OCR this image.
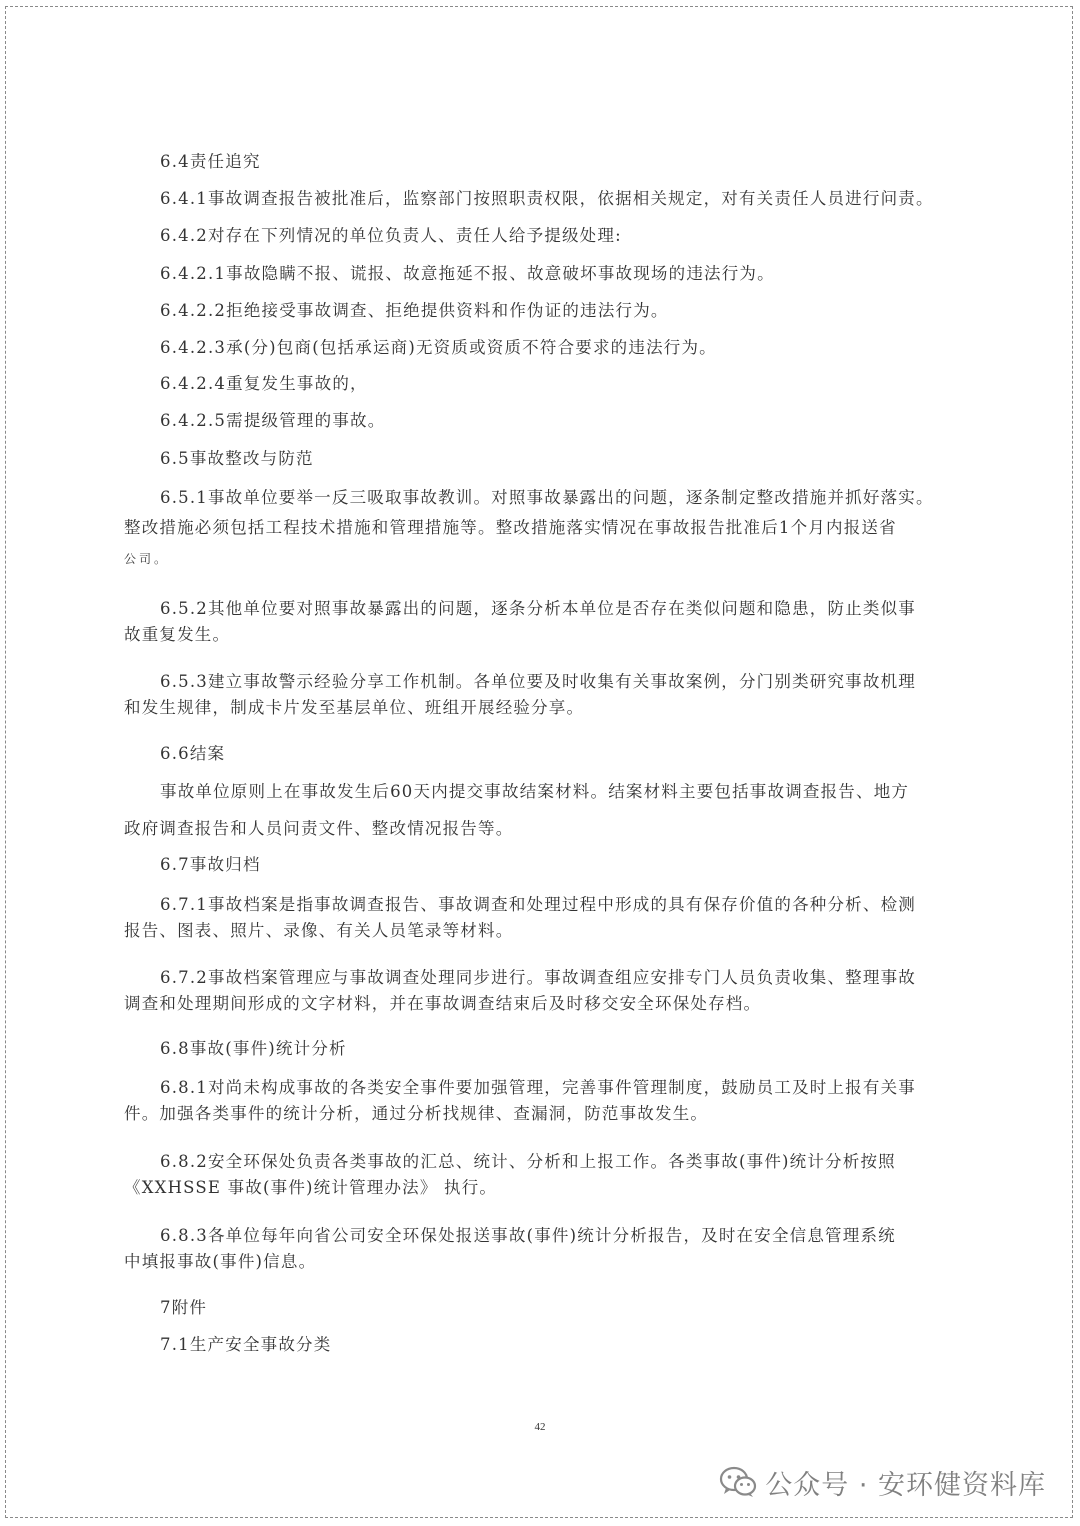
6.4责任追究
6.4.1事故调查报告被批准后，监察部门按照职责权限，依据相关规定，对有关责任人员进行问责。
6.4.2对存在下列情况的单位负责人、责任人给予提级处理:
6.4.2.1事故隐瞒不报、谎报、故意拖延不报、故意破坏事故现场的违法行为。
6.4.2.2拒绝接受事故调查、拒绝提供资料和作伪证的违法行为。
6.4.2.3承(分)包商(包括承运商)无资质或资质不符合要求的违法行为。
6.4.2.4重复发生事故的，
6.4.2.5需提级管理的事故。
6.5事故整改与防范
6.5.1事故单位要举一反三吸取事故教训。对照事故暴露出的问题，逐条制定整改措施并抓好落实。
整改措施必须包括工程技术措施和管理措施等。整改措施落实情况在事故报告批准后1个月内报送省
公司。
6.5.2其他单位要对照事故暴露出的问题，逐条分析本单位是否存在类似问题和隐患，防止类似事
故重复发生。
6.5.3建立事故警示经验分享工作机制。各单位要及时收集有关事故案例，分门别类研究事故机理
和发生规律，制成卡片发至基层单位、班组开展经验分享。
6.6结案
事故单位原则上在事故发生后60天内提交事故结案材料。结案材料主要包括事故调查报告、地方
政府调查报告和人员问责文件、整改情况报告等。
6.7事故归档
6.7.1事故档案是指事故调查报告、事故调查和处理过程中形成的具有保存价值的各种分析、检测
报告、图表、照片、录像、有关人员笔录等材料。
6.7.2事故档案管理应与事故调查处理同步进行。事故调查组应安排专门人员负责收集、整理事故
调查和处理期间形成的文字材料，并在事故调查结束后及时移交安全环保处存档。
6.8事故(事件)统计分析
6.8.1对尚未构成事故的各类安全事件要加强管理，完善事件管理制度，鼓励员工及时上报有关事
件。加强各类事件的统计分析，通过分析找规律、查漏洞，防范事故发生。
6.8.2安全环保处负责各类事故的汇总、统计、分析和上报工作。各类事故(事件)统计分析按照
《XXHSSE 事故(事件)统计管理办法》 执行。
6.8.3各单位每年向省公司安全环保处报送事故(事件)统计分析报告，及时在安全信息管理系统
中填报事故(事件)信息。
7附件
7.1生产安全事故分类
42
公众号 · 安环健资料库
